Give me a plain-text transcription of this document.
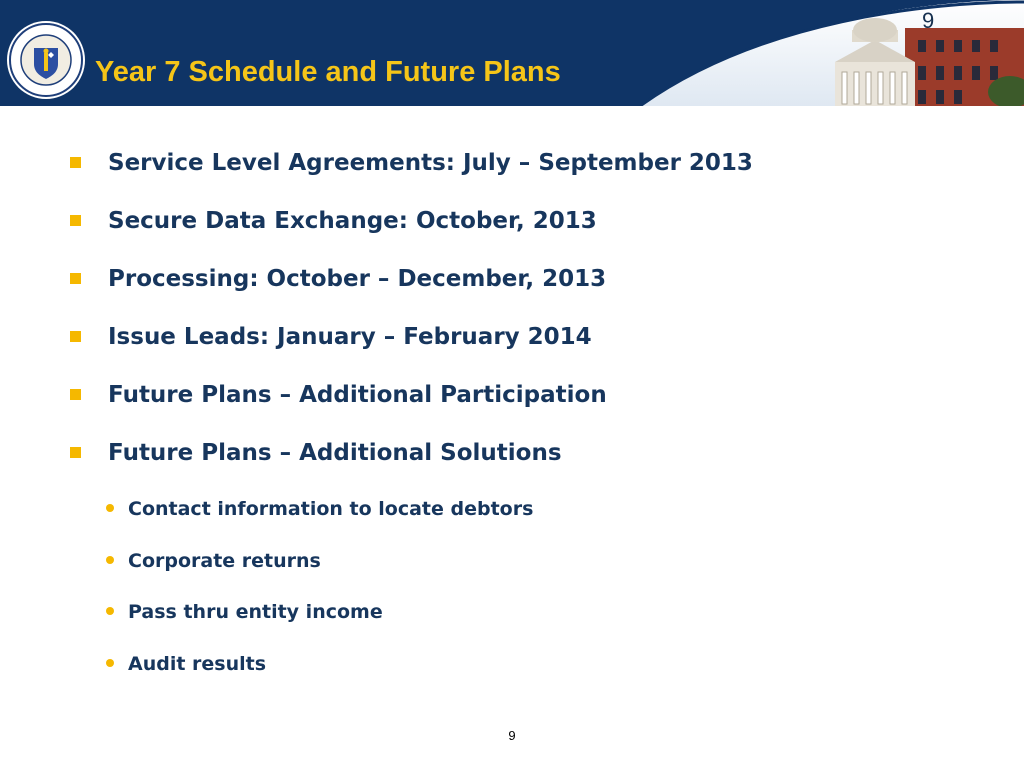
Year 7 Schedule and Future Plans
9
Service Level Agreements: July – September 2013
Secure Data Exchange: October, 2013
Processing: October – December, 2013
Issue Leads: January – February 2014
Future Plans – Additional Participation
Future Plans – Additional Solutions
Contact information to locate debtors
Corporate returns
Pass thru entity income
Audit results
9
